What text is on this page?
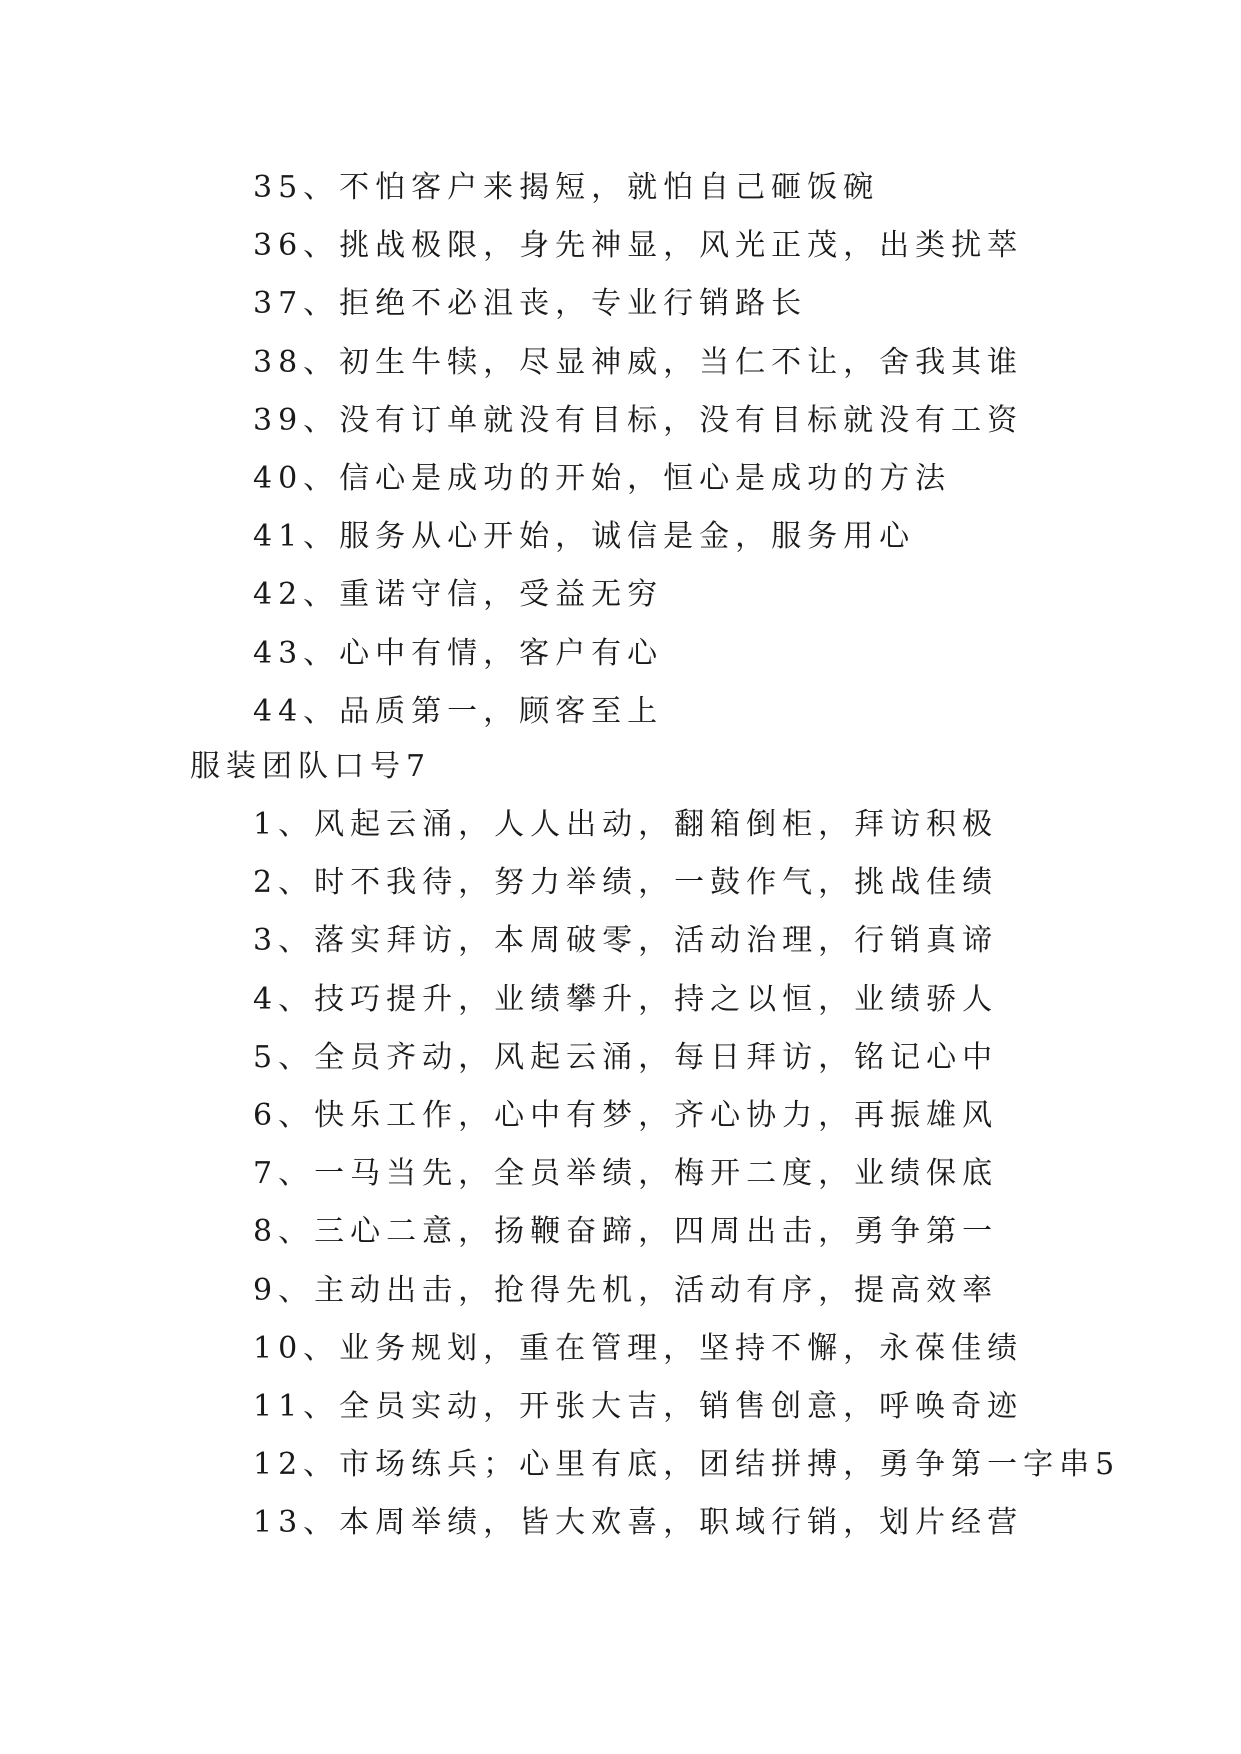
35、不怕客户来揭短，就怕自己砸饭碗
36、挑战极限，身先神显，风光正茂，出类扰萃
37、拒绝不必沮丧，专业行销路长
38、初生牛犊，尽显神威，当仁不让，舍我其谁
39、没有订单就没有目标，没有目标就没有工资
40、信心是成功的开始，恒心是成功的方法
41、服务从心开始，诚信是金，服务用心
42、重诺守信，受益无穷
43、心中有情，客户有心
44、品质第一，顾客至上
服装团队口号7
1、风起云涌，人人出动，翻箱倒柜，拜访积极
2、时不我待，努力举绩，一鼓作气，挑战佳绩
3、落实拜访，本周破零，活动治理，行销真谛
4、技巧提升，业绩攀升，持之以恒，业绩骄人
5、全员齐动，风起云涌，每日拜访，铭记心中
6、快乐工作，心中有梦，齐心协力，再振雄风
7、一马当先，全员举绩，梅开二度，业绩保底
8、三心二意，扬鞭奋蹄，四周出击，勇争第一
9、主动出击，抢得先机，活动有序，提高效率
10、业务规划，重在管理，坚持不懈，永葆佳绩
11、全员实动，开张大吉，销售创意，呼唤奇迹
12、市场练兵；心里有底，团结拼搏，勇争第一字串5
13、本周举绩，皆大欢喜，职域行销，划片经营
